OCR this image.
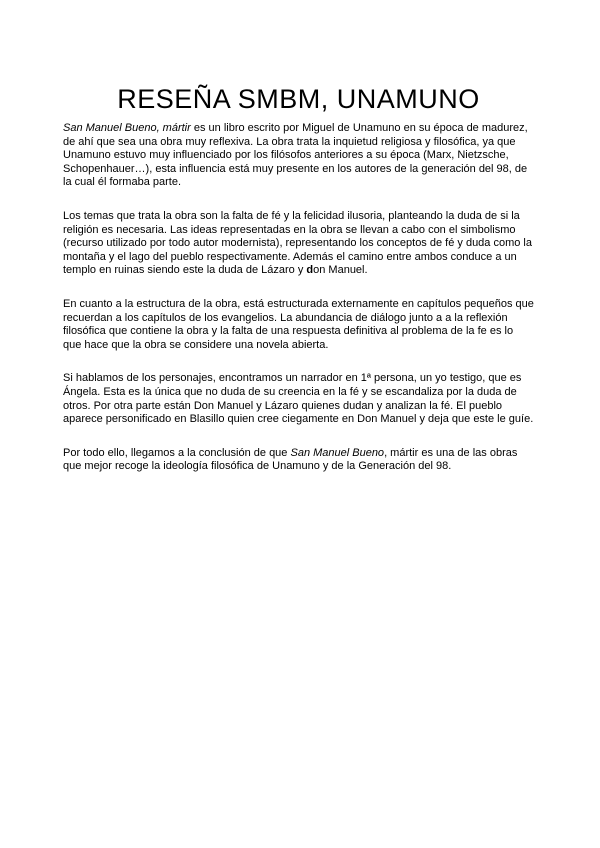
RESEÑA SMBM, UNAMUNO

San Manuel Bueno, mártir es un libro escrito por Miguel de Unamuno en su época de madurez, de ahí que sea una obra muy reflexiva. La obra trata la inquietud religiosa y filosófica, ya que Unamuno estuvo muy influenciado por los filósofos anteriores a su época (Marx, Nietzsche, Schopenhauer…), esta influencia está muy presente en los autores de la generación del 98, de la cual él formaba parte.

Los temas que trata la obra son la falta de fé y la felicidad ilusoria, planteando la duda de si la religión es necesaria. Las ideas representadas en la obra se llevan a cabo con el simbolismo (recurso utilizado por todo autor modernista), representando los conceptos de fé y duda como la montaña y el lago del pueblo respectivamente. Además el camino entre ambos conduce a un templo en ruinas siendo este la duda de Lázaro y don Manuel.

En cuanto a la estructura de la obra, está estructurada externamente en capítulos pequeños que recuerdan a los capítulos de los evangelios. La abundancia de diálogo junto a a la reflexión filosófica que contiene la obra y la falta de una respuesta definitiva al problema de la fe es lo que hace que la obra se considere una novela abierta.

Si hablamos de los personajes, encontramos un narrador en 1ª persona, un yo testigo, que es Ángela. Esta es la única que no duda de su creencia en la fé y se escandaliza por la duda de otros. Por otra parte están Don Manuel y Lázaro quienes dudan y analizan la fé. El pueblo aparece personificado en Blasillo quien cree ciegamente en Don Manuel y deja que este le guíe.

Por todo ello, llegamos a la conclusión de que San Manuel Bueno, mártir es una de las obras que mejor recoge la ideología filosófica de Unamuno y de la Generación del 98.
